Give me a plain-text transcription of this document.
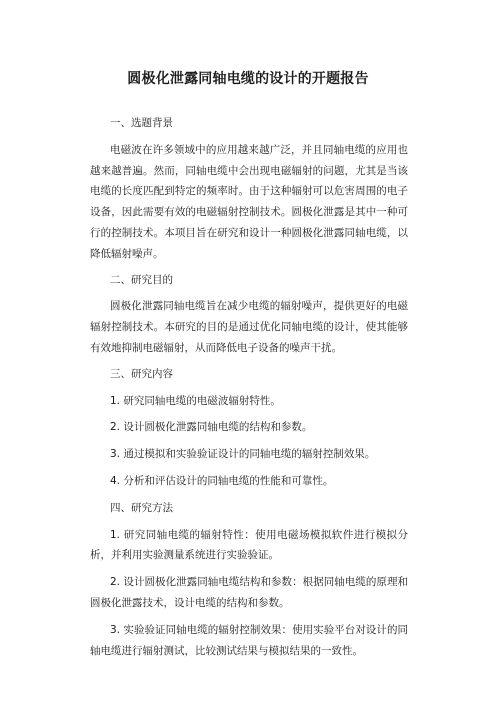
圆极化泄露同轴电缆的设计的开题报告

一、选题背景

电磁波在许多领域中的应用越来越广泛，并且同轴电缆的应用也越来越普遍。然而，同轴电缆中会出现电磁辐射的问题，尤其是当该电缆的长度匹配到特定的频率时。由于这种辐射可以危害周围的电子设备，因此需要有效的电磁辐射控制技术。圆极化泄露是其中一种可行的控制技术。本项目旨在研究和设计一种圆极化泄露同轴电缆，以降低辐射噪声。

二、研究目的

圆极化泄露同轴电缆旨在减少电缆的辐射噪声，提供更好的电磁辐射控制技术。本研究的目的是通过优化同轴电缆的设计，使其能够有效地抑制电磁辐射，从而降低电子设备的噪声干扰。

三、研究内容

1. 研究同轴电缆的电磁波辐射特性。

2. 设计圆极化泄露同轴电缆的结构和参数。

3. 通过模拟和实验验证设计的同轴电缆的辐射控制效果。

4. 分析和评估设计的同轴电缆的性能和可靠性。

四、研究方法

1. 研究同轴电缆的辐射特性：使用电磁场模拟软件进行模拟分析，并利用实验测量系统进行实验验证。

2. 设计圆极化泄露同轴电缆结构和参数：根据同轴电缆的原理和圆极化泄露技术，设计电缆的结构和参数。

3. 实验验证同轴电缆的辐射控制效果：使用实验平台对设计的同轴电缆进行辐射测试，比较测试结果与模拟结果的一致性。
